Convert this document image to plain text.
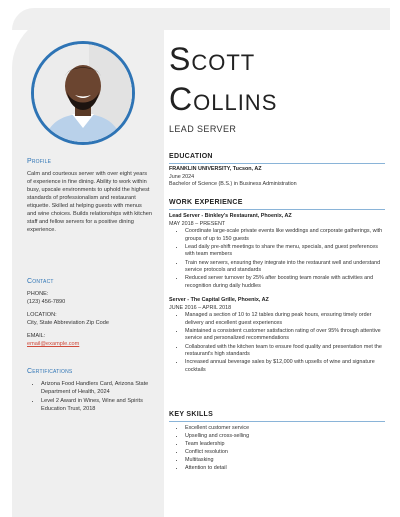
Profile

Calm and courteous server with over eight years of experience in fine dining. Ability to work within busy, upscale environments to uphold the highest standards of professionalism and restaurant etiquette. Skilled at helping guests with menus and wine choices. Builds relationships with kitchen staff and fellow servers for a positive dining experience.

Contact

PHONE:

(123) 456-7890

LOCATION:

City, State Abbreviation Zip Code

EMAIL:

email@example.com

Certifications
• Arizona Food Handlers Card, Arizona State Department of Health, 2024
• Level 2 Award in Wines, Wine and Spirits Education Trust, 2018
Scott
Collins
LEAD SERVER
EDUCATION

FRANKLIN UNIVERSITY, Tucson, AZ

June 2024

Bachelor of Science (B.S.) in Business Administration

WORK EXPERIENCE

Lead Server - Binkley's Restaurant, Phoenix, AZ

MAY 2018 – PRESENT

• Coordinate large-scale private events like weddings and corporate gatherings, with groups of up to 150 guests
• Lead daily pre-shift meetings to share the menu, specials, and guest preferences with team members
• Train new servers, ensuring they integrate into the restaurant well and understand service protocols and standards
• Reduced server turnover by 25% after boosting team morale with activities and recognition during daily huddles

Server - The Capital Grille, Phoenix, AZ

JUNE 2016 – APRIL 2018

• Managed a section of 10 to 12 tables during peak hours, ensuring timely order delivery and excellent guest experiences
• Maintained a consistent customer satisfaction rating of over 95% through attentive service and personalized recommendations
• Collaborated with the kitchen team to ensure food quality and presentation met the restaurant's high standards
• Increased annual beverage sales by $12,000 with upsells of wine and signature cocktails
KEY SKILLS
• Excellent customer service
• Upselling and cross-selling
• Team leadership
• Conflict resolution
• Multitasking
• Attention to detail
